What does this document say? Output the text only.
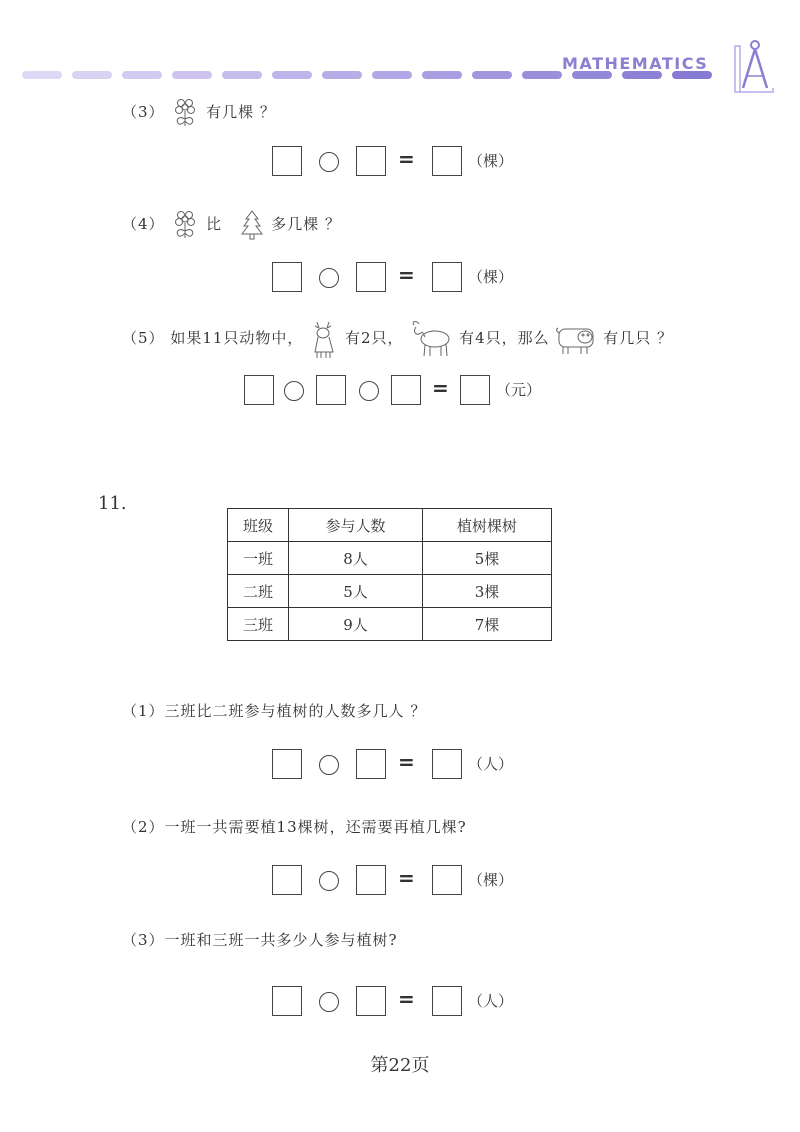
MATHEMATICS
（3）	有几棵 ？
=	（棵）
（4）	比	多几棵 ？
=	（棵）
（5） 如果11只动物中，	有2只，	有4只，那么	有几只 ？
=	（元）
11.
班级	参与人数	植树棵树
一班	8人	5棵
二班	5人	3棵
三班	9人	7棵
（1）三班比二班参与植树的人数多几人 ？
=	（人）
（2）一班一共需要植13棵树，还需要再植几棵?
=	（棵）
（3）一班和三班一共多少人参与植树?
=	（人）
第22页
